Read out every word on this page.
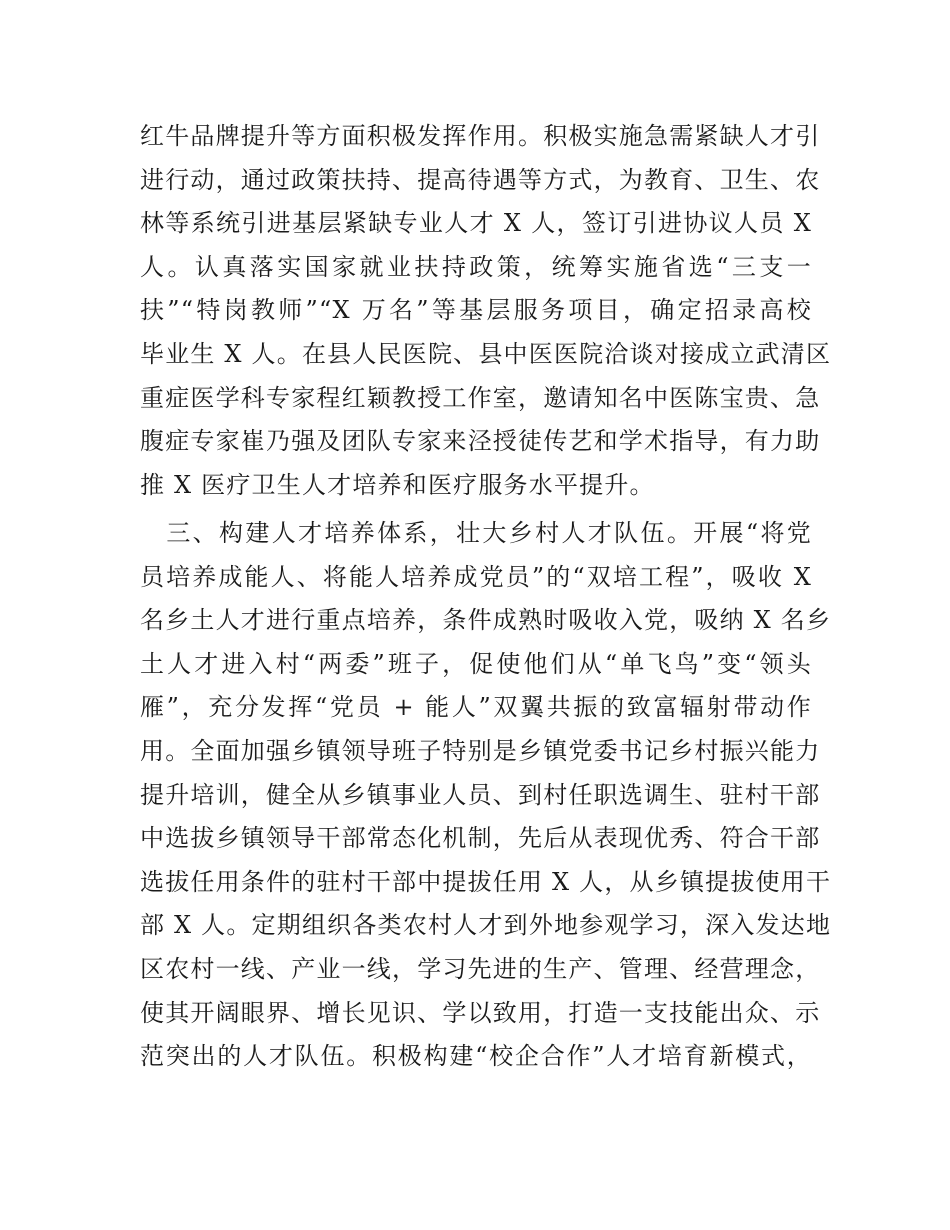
红牛品牌提升等方面积极发挥作用。积极实施急需紧缺人才引
进行动，通过政策扶持、提高待遇等方式，为教育、卫生、农
林等系统引进基层紧缺专业人才 X 人，签订引进协议人员 X
人。认真落实国家就业扶持政策，统筹实施省选“三支一
扶”“特岗教师”“X 万名”等基层服务项目，确定招录高校
毕业生 X 人。在县人民医院、县中医医院洽谈对接成立武清区
重症医学科专家程红颖教授工作室，邀请知名中医陈宝贵、急
腹症专家崔乃强及团队专家来泾授徒传艺和学术指导，有力助
推 X 医疗卫生人才培养和医疗服务水平提升。
　三、构建人才培养体系，壮大乡村人才队伍。开展“将党
员培养成能人、将能人培养成党员”的“双培工程”，吸收 X
名乡土人才进行重点培养，条件成熟时吸收入党，吸纳 X 名乡
土人才进入村“两委”班子，促使他们从“单飞鸟”变“领头
雁”，充分发挥“党员 + 能人”双翼共振的致富辐射带动作
用。全面加强乡镇领导班子特别是乡镇党委书记乡村振兴能力
提升培训，健全从乡镇事业人员、到村任职选调生、驻村干部
中选拔乡镇领导干部常态化机制，先后从表现优秀、符合干部
选拔任用条件的驻村干部中提拔任用 X 人，从乡镇提拔使用干
部 X 人。定期组织各类农村人才到外地参观学习，深入发达地
区农村一线、产业一线，学习先进的生产、管理、经营理念，
使其开阔眼界、增长见识、学以致用，打造一支技能出众、示
范突出的人才队伍。积极构建“校企合作”人才培育新模式，
